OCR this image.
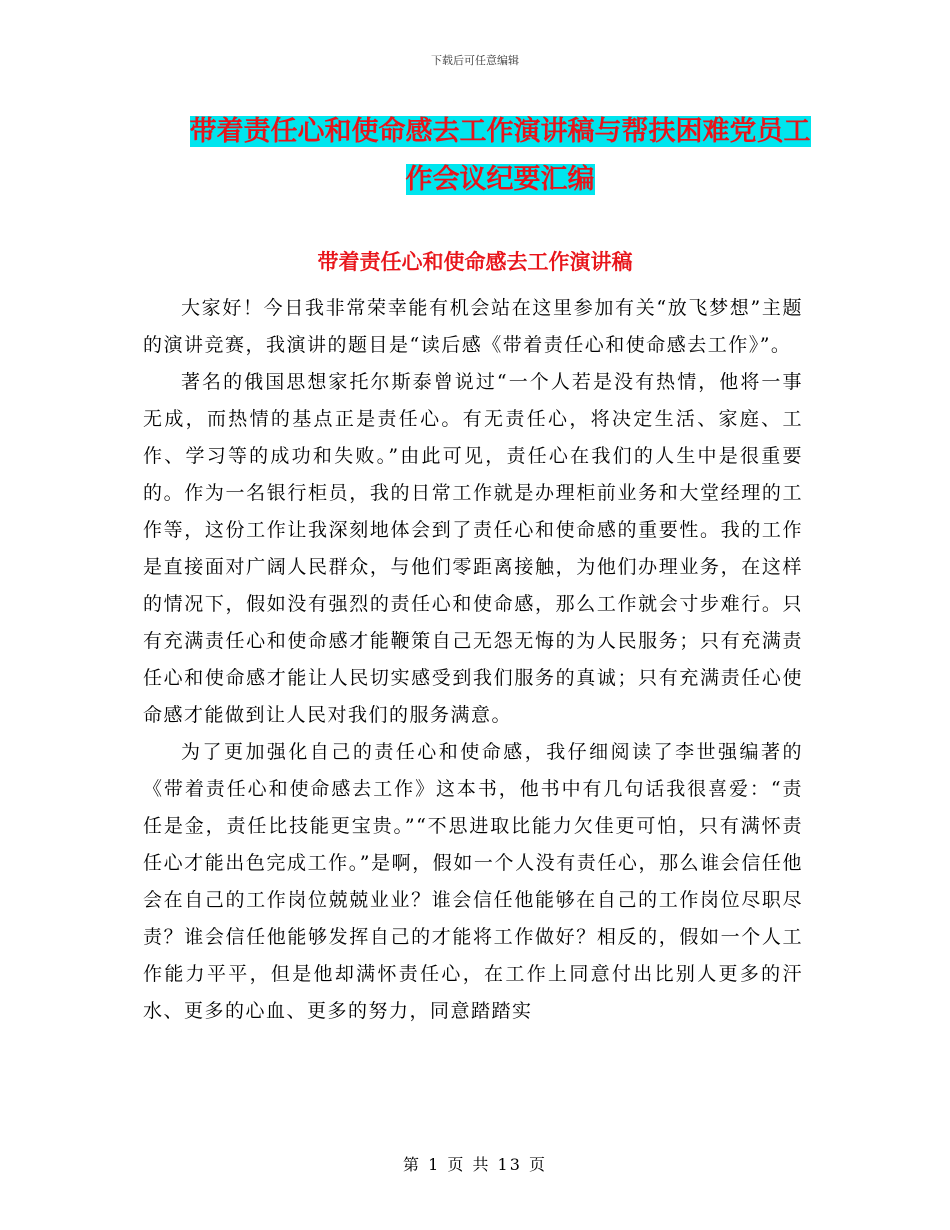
下载后可任意编辑
带着责任心和使命感去工作演讲稿与帮扶困难党员工
作会议纪要汇编
带着责任心和使命感去工作演讲稿

大家好！今日我非常荣幸能有机会站在这里参加有关“放飞梦想”主题的演讲竞赛，我演讲的题目是“读后感《带着责任心和使命感去工作》”。

著名的俄国思想家托尔斯泰曾说过“一个人若是没有热情，他将一事无成，而热情的基点正是责任心。有无责任心，将决定生活、家庭、工作、学习等的成功和失败。”由此可见，责任心在我们的人生中是很重要的。作为一名银行柜员，我的日常工作就是办理柜前业务和大堂经理的工作等，这份工作让我深刻地体会到了责任心和使命感的重要性。我的工作是直接面对广阔人民群众，与他们零距离接触，为他们办理业务，在这样的情况下，假如没有强烈的责任心和使命感，那么工作就会寸步难行。只有充满责任心和使命感才能鞭策自己无怨无悔的为人民服务；只有充满责任心和使命感才能让人民切实感受到我们服务的真诚；只有充满责任心使命感才能做到让人民对我们的服务满意。

为了更加强化自己的责任心和使命感，我仔细阅读了李世强编著的《带着责任心和使命感去工作》这本书，他书中有几句话我很喜爱：“责任是金，责任比技能更宝贵。”“不思进取比能力欠佳更可怕，只有满怀责任心才能出色完成工作。”是啊，假如一个人没有责任心，那么谁会信任他会在自己的工作岗位兢兢业业？谁会信任他能够在自己的工作岗位尽职尽责？谁会信任他能够发挥自己的才能将工作做好？相反的，假如一个人工作能力平平，但是他却满怀责任心，在工作上同意付出比别人更多的汗水、更多的心血、更多的努力，同意踏踏实

第 1 页 共 13 页
